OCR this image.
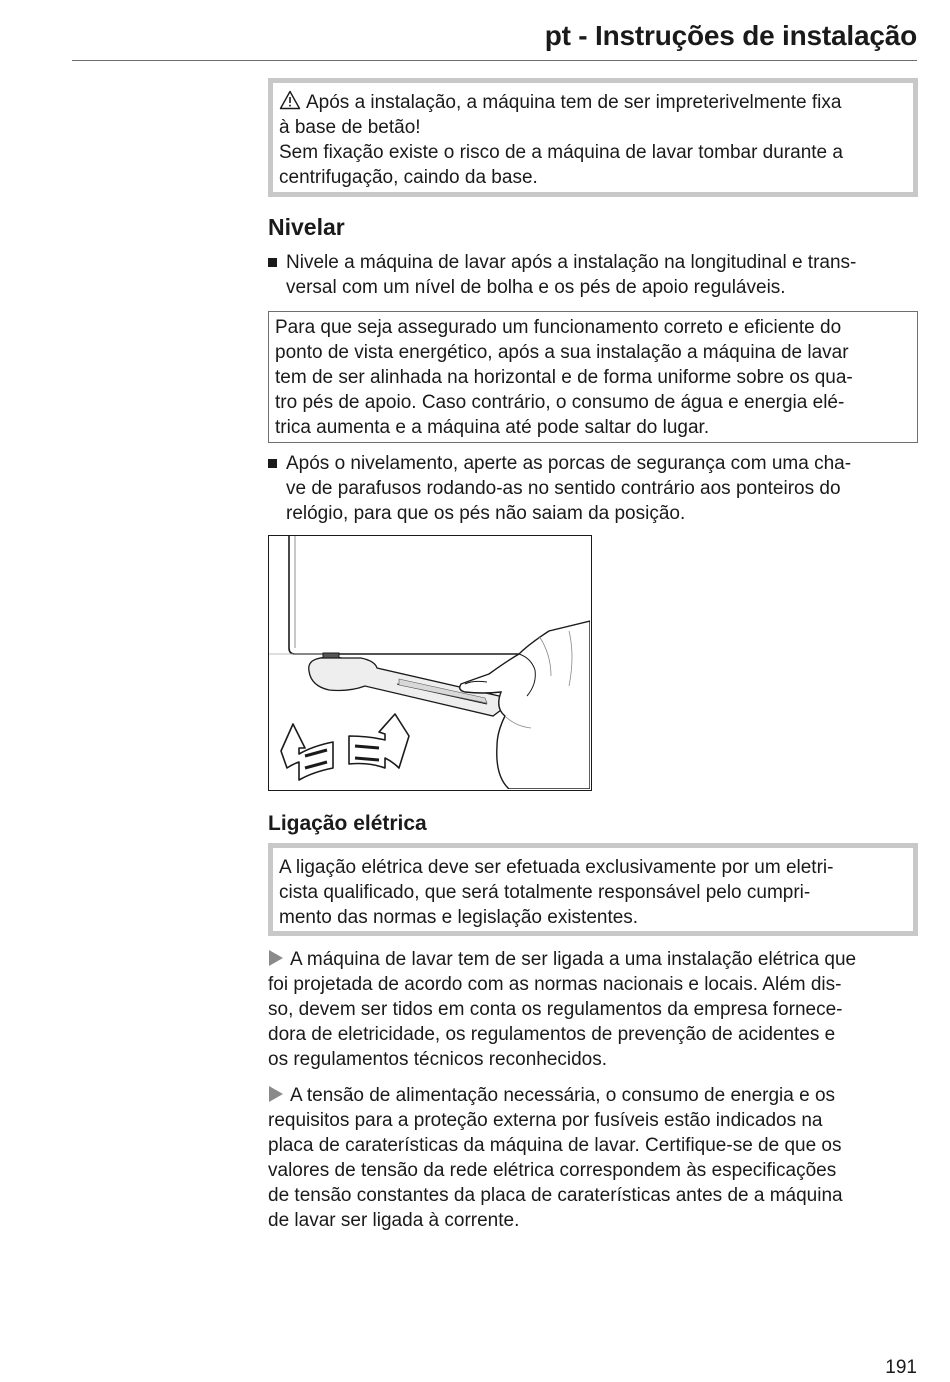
pt - Instruções de instalação
Após a instalação, a máquina tem de ser impreterivelmente fixa
à base de betão!
Sem fixação existe o risco de a máquina de lavar tombar durante a
centrifugação, caindo da base.
Nivelar
Nivele a máquina de lavar após a instalação na longitudinal e trans-
versal com um nível de bolha e os pés de apoio reguláveis.
Para que seja assegurado um funcionamento correto e eficiente do
ponto de vista energético, após a sua instalação a máquina de lavar
tem de ser alinhada na horizontal e de forma uniforme sobre os qua-
tro pés de apoio. Caso contrário, o consumo de água e energia elé-
trica aumenta e a máquina até pode saltar do lugar.
Após o nivelamento, aperte as porcas de segurança com uma cha-
ve de parafusos rodando-as no sentido contrário aos ponteiros do
relógio, para que os pés não saiam da posição.
Ligação elétrica
A ligação elétrica deve ser efetuada exclusivamente por um eletri-
cista qualificado, que será totalmente responsável pelo cumpri-
mento das normas e legislação existentes.
A máquina de lavar tem de ser ligada a uma instalação elétrica que
foi projetada de acordo com as normas nacionais e locais. Além dis-
so, devem ser tidos em conta os regulamentos da empresa fornece-
dora de eletricidade, os regulamentos de prevenção de acidentes e
os regulamentos técnicos reconhecidos.
A tensão de alimentação necessária, o consumo de energia e os
requisitos para a proteção externa por fusíveis estão indicados na
placa de caraterísticas da máquina de lavar. Certifique-se de que os
valores de tensão da rede elétrica correspondem às especificações
de tensão constantes da placa de caraterísticas antes de a máquina
de lavar ser ligada à corrente.
191
